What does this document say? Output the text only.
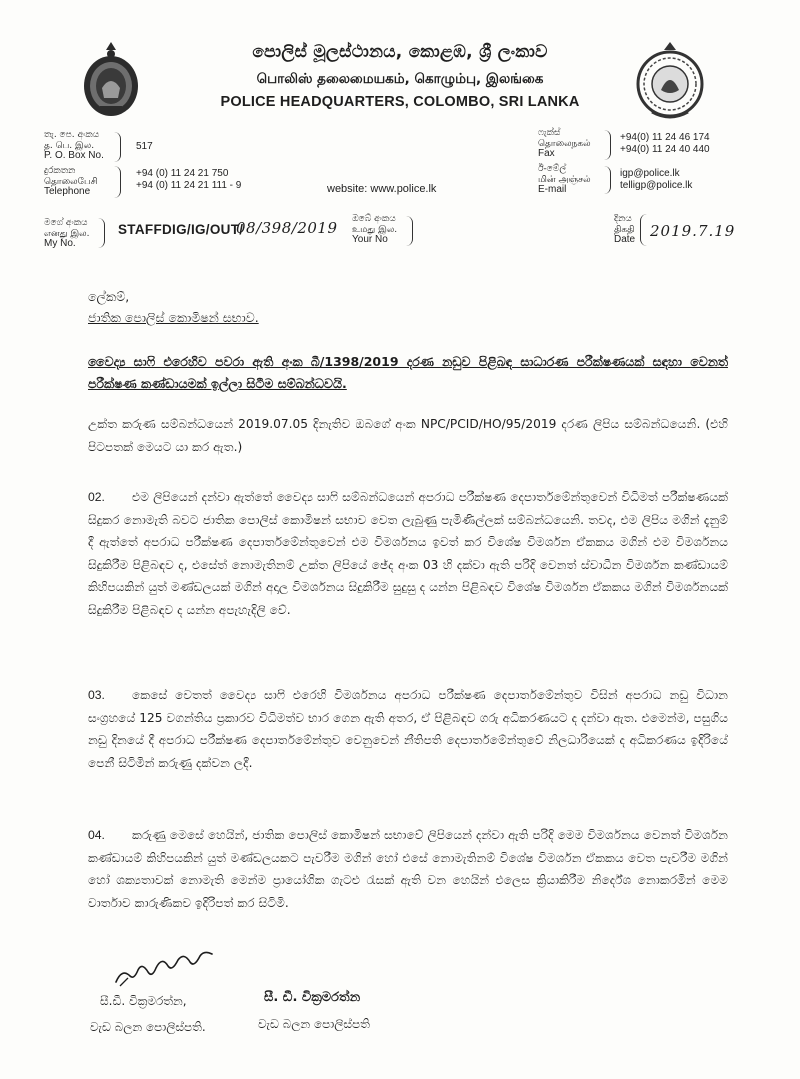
පොලිස් මූලස්ථානය, කොළඹ, ශ්‍රී ලංකාව
பொலிஸ் தலைமையகம், கொழும்பு, இலங்கை
POLICE HEADQUARTERS, COLOMBO, SRI LANKA
තැ. පෙ. අංකය
த. பெ. இல.
P. O. Box No.
517
දුරකතන
தொலைபேசி
Telephone
+94 (0) 11 24 21 750
+94 (0) 11 24 21 111 - 9	website: www.police.lk
ෆැක්ස්
தொலைநகல்
Fax
+94(0) 11 24 46 174
+94(0) 11 24 40 440
ඊ-මේල්
மின் அஞ்சல்
E-mail
igp@police.lk
telligp@police.lk
මගේ අංකය
எனது இல.
My No.
STAFFDIG/IG/OUT/
08/398/2019 ඔබේ අංකය
உமது இல.
Your No
දිනය
திகதி
Date 2019.7.19
ලේකම්,
ජාතික පොලිස් කොමිෂන් සභාව.
වෛද්‍ය සාෆි එරෙහිව පවරා ඇති අංක බී/1398/2019 දරණ නඩුව පිළිබඳ සාධාරණ පරීක්ෂණයක් සඳහා වෙනත් පරීක්ෂණ කණ්ඩායමක් ඉල්ලා සිටීම සම්බන්ධවයි.
උක්ත කරුණ සම්බන්ධයෙන් 2019.07.05 දිනැතිව ඔබගේ අංක NPC/PCID/HO/95/2019 දරණ ලිපිය සම්බන්ධයෙනි. (එහි පිටපතක් මෙයට යා කර ඇත.)
02. එම ලිපියෙන් දන්වා ඇත්තේ වෛද්‍ය සාෆි සම්බන්ධයෙන් අපරාධ පරීක්ෂණ දෙපාර්තමේන්තුවෙන් විධිමත් පරීක්ෂණයක් සිදුකර නොමැති බවට ජාතික පොලිස් කොමිෂන් සභාව වෙත ලැබුණු පැමිණිල්ලක් සම්බන්ධයෙනි. තවද, එම ලිපිය මගින් දැනුම් දී ඇත්තේ අපරාධ පරීක්ෂණ දෙපාර්තමේන්තුවෙන් එම විමර්ශනය ඉවත් කර විශේෂ විමර්ශන ඒකකය මගින් එම විමර්ශනය සිදුකිරීම පිළිබඳව ද, එසේත් නොමැතිනම් උක්ත ලිපියේ ඡේද අංක 03 හි දක්වා ඇති පරිදි වෙනත් ස්වාධීන විමර්ශන කණ්ඩායම් කිහිපයකින් යුත් මණ්ඩලයක් මගින් අදාල විමර්ශනය සිදුකිරීම සුදුසු ද යන්න පිළිබඳව විශේෂ විමර්ශන ඒකකය මගින් විමර්ශනයක් සිදුකිරීම පිළිබඳව ද යන්න අපැහැදිලි වේ.
03. කෙසේ වෙතත් වෛද්‍ය සාෆි එරෙහි විමර්ශනය අපරාධ පරීක්ෂණ දෙපාර්තමේන්තුව විසින් අපරාධ නඩු විධාන සංග්‍රහයේ 125 වගන්තිය ප්‍රකාරව විධිමත්ව භාර ගෙන ඇති අතර, ඒ පිළිබඳව ගරු අධිකරණයට ද දන්වා ඇත. එමෙන්ම, පසුගිය නඩු දිනයේ දී අපරාධ පරීක්ෂණ දෙපාර්තමේන්තුව වෙනුවෙන් නීතිපති දෙපාර්තමේන්තුවේ නිලධාරියෙක් ද අධිකරණය ඉදිරියේ පෙනී සිටිමින් කරුණු දක්වන ලදී.
04. කරුණු මෙසේ හෙයින්, ජාතික පොලිස් කොමිෂන් සභාවේ ලිපියෙන් දන්වා ඇති පරිදි මෙම විමර්ශනය වෙනත් විමර්ශන කණ්ඩායම් කිහිපයකින් යුත් මණ්ඩලයකට පැවරීම මගින් හෝ එසේ නොමැතිනම් විශේෂ විමර්ශන ඒකකය වෙත පැවරීම මගින් හෝ ශක්‍යතාවක් නොමැති මෙන්ම ප්‍රායෝගික ගැටළු රැසක් ඇති වන හෙයින් එලෙස ක්‍රියාකිරීම නිර්දේශ නොකරමින් මෙම වාර්තාව කාරුණිකව ඉදිරිපත් කර සිටිමි.
සී.ඩී. වික්‍රමරත්න,
වැඩ බලන පොලිස්පති.
සී. ඩී. වික්‍රමරත්න
වැඩ බලන පොලිස්පති
